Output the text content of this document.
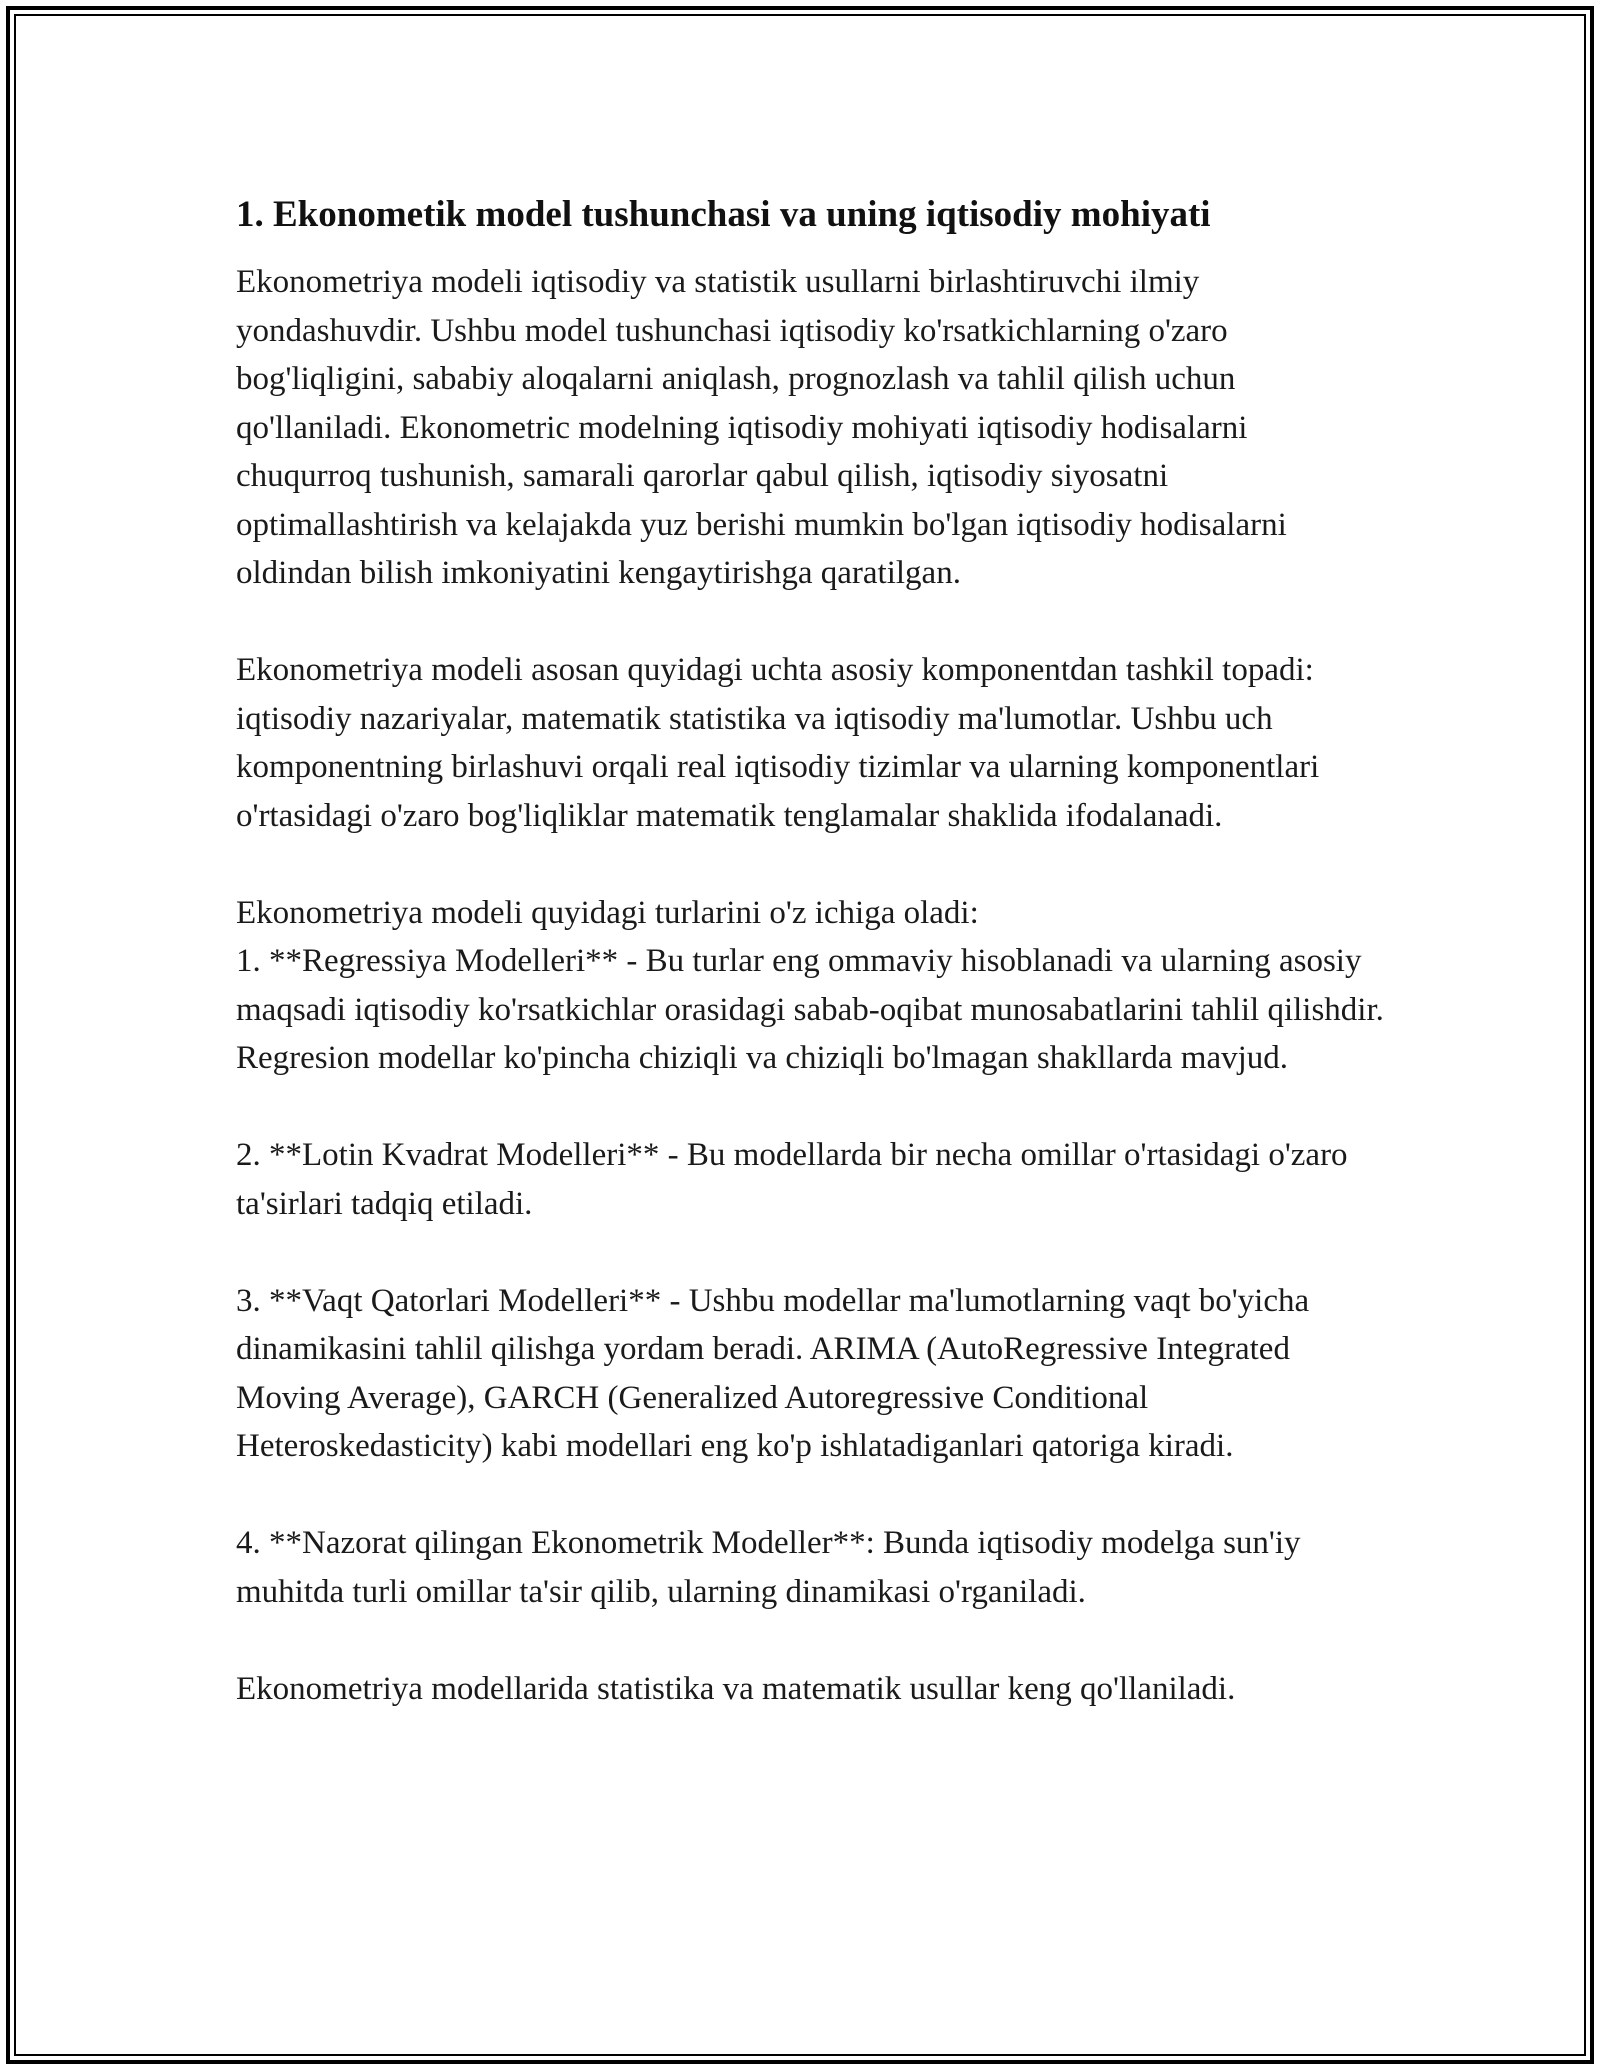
1. Ekonometik model tushunchasi va uning iqtisodiy mohiyati

Ekonometriya modeli iqtisodiy va statistik usullarni birlashtiruvchi ilmiy yondashuvdir. Ushbu model tushunchasi iqtisodiy ko'rsatkichlarning o'zaro bog'liqligini, sababiy aloqalarni aniqlash, prognozlash va tahlil qilish uchun qo'llaniladi. Ekonometric modelning iqtisodiy mohiyati iqtisodiy hodisalarni chuqurroq tushunish, samarali qarorlar qabul qilish, iqtisodiy siyosatni optimallashtirish va kelajakda yuz berishi mumkin bo'lgan iqtisodiy hodisalarni oldindan bilish imkoniyatini kengaytirishga qaratilgan.

Ekonometriya modeli asosan quyidagi uchta asosiy komponentdan tashkil topadi: iqtisodiy nazariyalar, matematik statistika va iqtisodiy ma'lumotlar. Ushbu uch komponentning birlashuvi orqali real iqtisodiy tizimlar va ularning komponentlari o'rtasidagi o'zaro bog'liqliklar matematik tenglamalar shaklida ifodalanadi.

Ekonometriya modeli quyidagi turlarini o'z ichiga oladi:

1. **Regressiya Modelleri** - Bu turlar eng ommaviy hisoblanadi va ularning asosiy maqsadi iqtisodiy ko'rsatkichlar orasidagi sabab-oqibat munosabatlarini tahlil qilishdir. Regresion modellar ko'pincha chiziqli va chiziqli bo'lmagan shakllarda mavjud.

2. **Lotin Kvadrat Modelleri** - Bu modellarda bir necha omillar o'rtasidagi o'zaro ta'sirlari tadqiq etiladi.

3. **Vaqt Qatorlari Modelleri** - Ushbu modellar ma'lumotlarning vaqt bo'yicha dinamikasini tahlil qilishga yordam beradi. ARIMA (AutoRegressive Integrated Moving Average), GARCH (Generalized Autoregressive Conditional Heteroskedasticity) kabi modellari eng ko'p ishlatadiganlari qatoriga kiradi.

4. **Nazorat qilingan Ekonometrik Modeller**: Bunda iqtisodiy modelga sun'iy muhitda turli omillar ta'sir qilib, ularning dinamikasi o'rganiladi.

Ekonometriya modellarida statistika va matematik usullar keng qo'llaniladi.
